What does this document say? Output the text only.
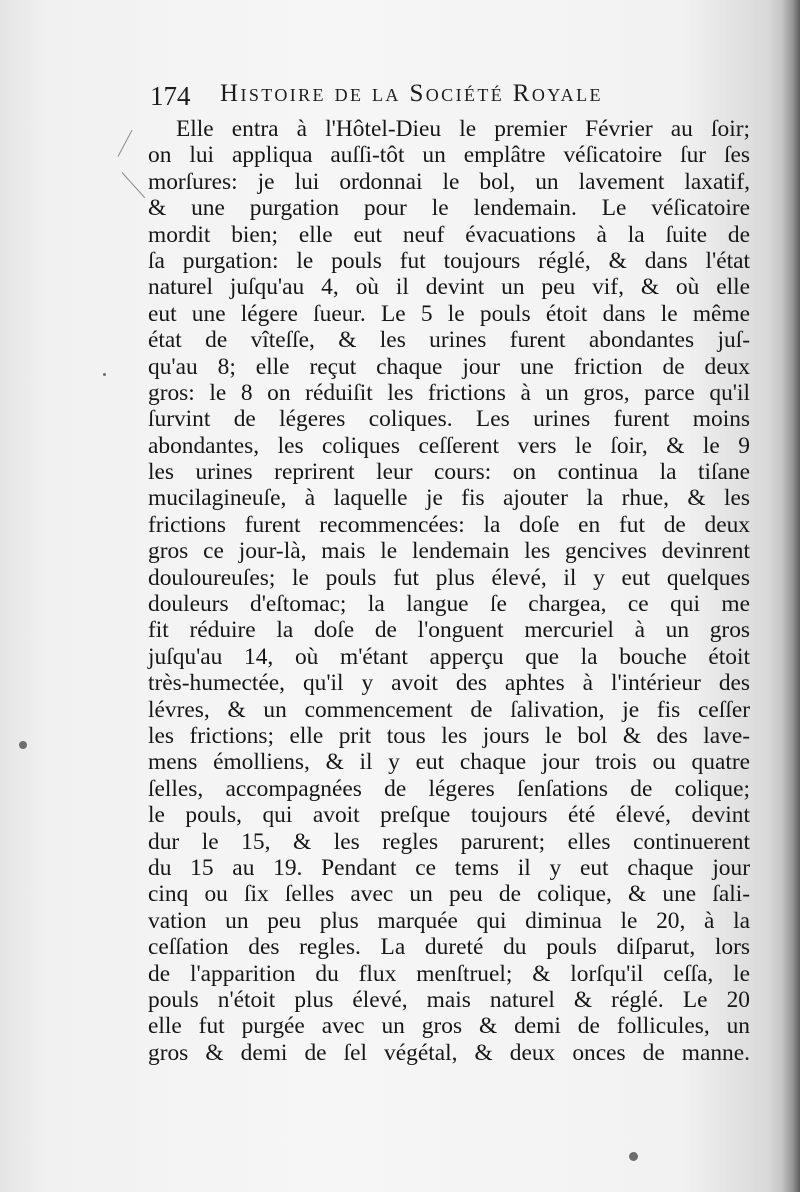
174 Histoire de la Société Royale
Elle entra à l'Hôtel-Dieu le premier Février au ſoir;
on lui appliqua auſſi-tôt un emplâtre véſicatoire ſur ſes
morſures: je lui ordonnai le bol, un lavement laxatif,
& une purgation pour le lendemain. Le véſicatoire
mordit bien; elle eut neuf évacuations à la ſuite de
ſa purgation: le pouls fut toujours réglé, & dans l'état
naturel juſqu'au 4, où il devint un peu vif, & où elle
eut une légere ſueur. Le 5 le pouls étoit dans le même
état de vîteſſe, & les urines furent abondantes juſ-
qu'au 8; elle reçut chaque jour une friction de deux
gros: le 8 on réduiſit les frictions à un gros, parce qu'il
ſurvint de légeres coliques. Les urines furent moins
abondantes, les coliques ceſſerent vers le ſoir, & le 9
les urines reprirent leur cours: on continua la tiſane
mucilagineuſe, à laquelle je fis ajouter la rhue, & les
frictions furent recommencées: la doſe en fut de deux
gros ce jour-là, mais le lendemain les gencives devinrent
douloureuſes; le pouls fut plus élevé, il y eut quelques
douleurs d'eſtomac; la langue ſe chargea, ce qui me
fit réduire la doſe de l'onguent mercuriel à un gros
juſqu'au 14, où m'étant apperçu que la bouche étoit
très-humectée, qu'il y avoit des aphtes à l'intérieur des
lévres, & un commencement de ſalivation, je fis ceſſer
les frictions; elle prit tous les jours le bol & des lave-
mens émolliens, & il y eut chaque jour trois ou quatre
ſelles, accompagnées de légeres ſenſations de colique;
le pouls, qui avoit preſque toujours été élevé, devint
dur le 15, & les regles parurent; elles continuerent
du 15 au 19. Pendant ce tems il y eut chaque jour
cinq ou ſix ſelles avec un peu de colique, & une ſali-
vation un peu plus marquée qui diminua le 20, à la
ceſſation des regles. La dureté du pouls diſparut, lors
de l'apparition du flux menſtruel; & lorſqu'il ceſſa, le
pouls n'étoit plus élevé, mais naturel & réglé. Le 20
elle fut purgée avec un gros & demi de follicules, un
gros & demi de ſel végétal, & deux onces de manne.
